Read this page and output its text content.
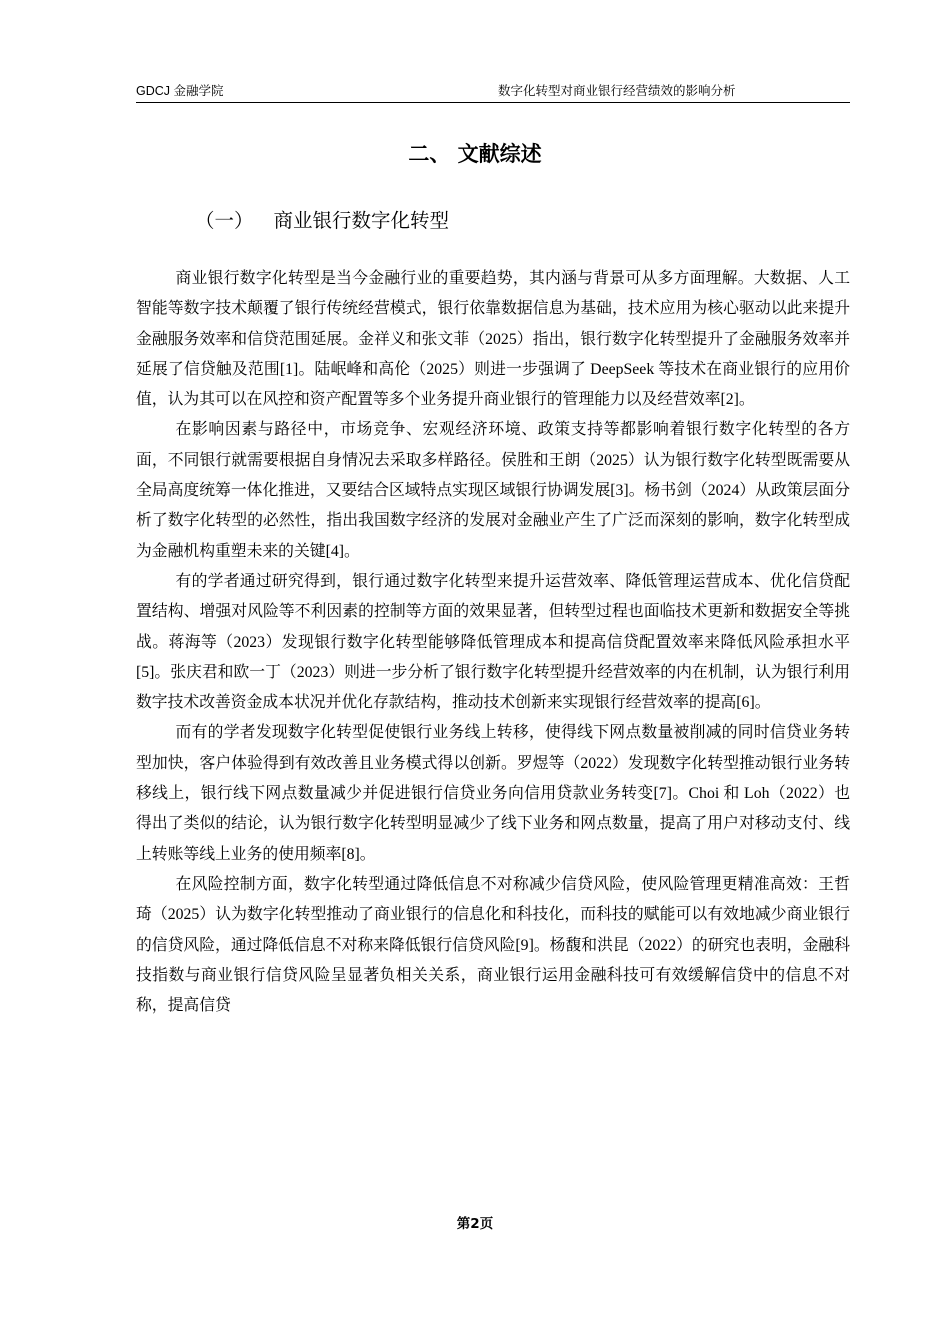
GDCJ 金融学院	数字化转型对商业银行经营绩效的影响分析
二、 文献综述
（一） 商业银行数字化转型

商业银行数字化转型是当今金融行业的重要趋势，其内涵与背景可从多方面理解。大数据、人工智能等数字技术颠覆了银行传统经营模式，银行依靠数据信息为基础，技术应用为核心驱动以此来提升金融服务效率和信贷范围延展。金祥义和张文菲（2025）指出，银行数字化转型提升了金融服务效率并延展了信贷触及范围[1]。陆岷峰和高伦（2025）则进一步强调了 DeepSeek 等技术在商业银行的应用价值，认为其可以在风控和资产配置等多个业务提升商业银行的管理能力以及经营效率[2]。

在影响因素与路径中，市场竞争、宏观经济环境、政策支持等都影响着银行数字化转型的各方面，不同银行就需要根据自身情况去采取多样路径。侯胜和王朗（2025）认为银行数字化转型既需要从全局高度统筹一体化推进，又要结合区域特点实现区域银行协调发展[3]。杨书剑（2024）从政策层面分析了数字化转型的必然性，指出我国数字经济的发展对金融业产生了广泛而深刻的影响，数字化转型成为金融机构重塑未来的关键[4]。

有的学者通过研究得到，银行通过数字化转型来提升运营效率、降低管理运营成本、优化信贷配置结构、增强对风险等不利因素的控制等方面的效果显著，但转型过程也面临技术更新和数据安全等挑战。蒋海等（2023）发现银行数字化转型能够降低管理成本和提高信贷配置效率来降低风险承担水平[5]。张庆君和欧一丁（2023）则进一步分析了银行数字化转型提升经营效率的内在机制，认为银行利用数字技术改善资金成本状况并优化存款结构，推动技术创新来实现银行经营效率的提高[6]。

而有的学者发现数字化转型促使银行业务线上转移，使得线下网点数量被削减的同时信贷业务转型加快，客户体验得到有效改善且业务模式得以创新。罗煜等（2022）发现数字化转型推动银行业务转移线上，银行线下网点数量减少并促进银行信贷业务向信用贷款业务转变[7]。Choi 和 Loh（2022）也得出了类似的结论，认为银行数字化转型明显减少了线下业务和网点数量，提高了用户对移动支付、线上转账等线上业务的使用频率[8]。

在风险控制方面，数字化转型通过降低信息不对称减少信贷风险，使风险管理更精准高效：王哲琦（2025）认为数字化转型推动了商业银行的信息化和科技化，而科技的赋能可以有效地减少商业银行的信贷风险，通过降低信息不对称来降低银行信贷风险[9]。杨馥和洪昆（2022）的研究也表明，金融科技指数与商业银行信贷风险呈显著负相关关系，商业银行运用金融科技可有效缓解信贷中的信息不对称，提高信贷

第2页
